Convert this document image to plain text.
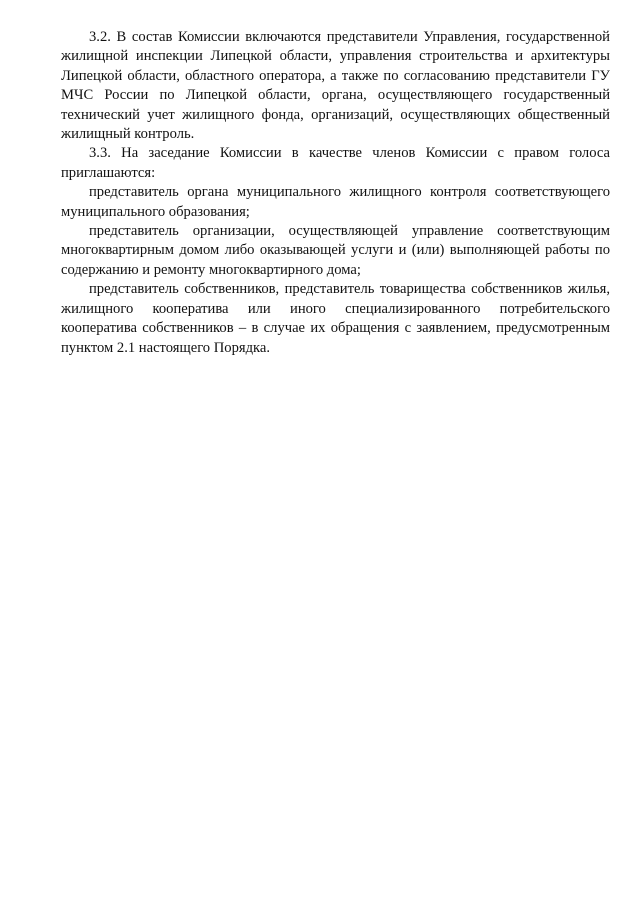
3.2. В состав Комиссии включаются представители Управления, государственной жилищной инспекции Липецкой области, управления строительства и архитектуры Липецкой области, областного оператора, а также по согласованию представители ГУ МЧС России по Липецкой области, органа, осуществляющего государственный технический учет жилищного фонда, организаций, осуществляющих общественный жилищный контроль.

3.3. На заседание Комиссии в качестве членов Комиссии с правом голоса приглашаются:

представитель органа муниципального жилищного контроля соответствующего муниципального образования;

представитель организации, осуществляющей управление соответствующим многоквартирным домом либо оказывающей услуги и (или) выполняющей работы по содержанию и ремонту многоквартирного дома;

представитель собственников, представитель товарищества собственников жилья, жилищного кооператива или иного специализированного потребительского кооператива собственников – в случае их обращения с заявлением, предусмотренным пунктом 2.1 настоящего Порядка.
